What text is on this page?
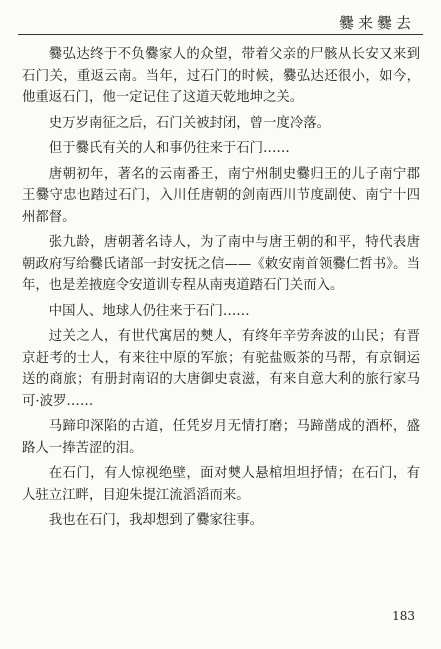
爨来爨去

爨弘达终于不负爨家人的众望，带着父亲的尸骸从长安又来到石门关，重返云南。当年，过石门的时候，爨弘达还很小，如今，他重返石门，他一定记住了这道天乾地坤之关。

史万岁南征之后，石门关被封闭，曾一度冷落。

但于爨氏有关的人和事仍往来于石门……

唐朝初年，著名的云南番王，南宁州制史爨归王的儿子南宁郡王爨守忠也踏过石门，入川任唐朝的剑南西川节度副使、南宁十四州都督。

张九龄，唐朝著名诗人，为了南中与唐王朝的和平，特代表唐朝政府写给爨氏诸部一封安抚之信——《敕安南首领爨仁哲书》。当年，也是差掖庭令安道训专程从南夷道踏石门关而入。

中国人、地球人仍往来于石门……

过关之人，有世代寓居的僰人，有终年辛劳奔波的山民；有晋京赶考的士人，有来往中原的军旅；有驼盐贩茶的马帮，有京铜运送的商旅；有册封南诏的大唐御史袁滋，有来自意大利的旅行家马可·波罗……

马蹄印深陷的古道，任凭岁月无情打磨；马蹄凿成的酒杯，盛路人一捧苦涩的泪。

在石门，有人惊视绝壁，面对僰人悬棺坦坦抒情；在石门，有人驻立江畔，目迎朱提江流滔滔而来。

我也在石门，我却想到了爨家往事。

183
